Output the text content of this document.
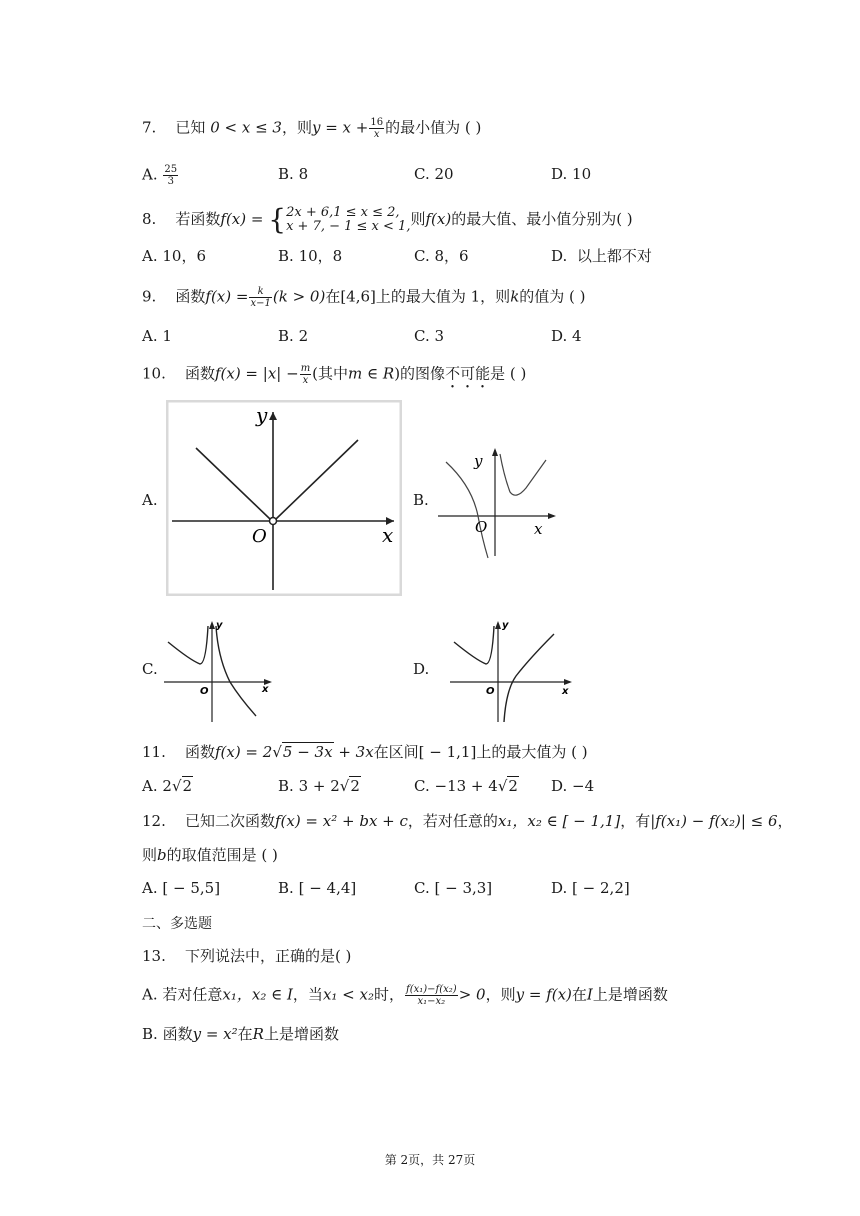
7. 已知 0 < x ≤ 3，则$y = x + \frac{16}{x}$ 的最小值为 ( )
A. $\frac{25}{3}$	B. 8	C. 20	D. 10
8. 若函数f(x) = { 2x + 6,1 ≤ x ≤ 2,
x + 7, − 1 ≤ x < 1, 则f(x)的最大值、最小值分别为( )
A. 10，6	B. 10，8	C. 8，6	D. 以上都不对
9. 函数$f(x) = \frac{k}{x-1} (k > 0)$在[4,6]上的最大值为 1，则k的值为 ( )
A. 1	B. 2	C. 3	D. 4
10. 函数$f(x) = |x| - \frac{m}{x}$ (其中m ∈ R)的图像不可能是 ( )
A.
y
O	x
B.
y
O	x
C.
y
O	x
D.
y
O	x
11. 函数f(x) = 2√5 − 3x + 3x在区间[ − 1,1]上的最大值为 ( )
A. 2√2	B. 3 + 2√2	C. −13 + 4√2 D. −4
12. 已知二次函数f(x) = x² + bx + c，若对任意的x₁，x₂ ∈ [ − 1,1]，有|f(x₁) − f(x₂)| ≤ 6，
则b的取值范围是 ( )
A. [ − 5,5]	B. [ − 4,4]	C. [ − 3,3]	D. [ − 2,2]
二、多选题
13. 下列说法中，正确的是( )
A. 若对任意x₁，x₂ ∈ I，当x₁ < x₂时， $\frac{\text{f(x₁)−f(x₂)}}{\text{x₁−x₂}} > 0$，则y = f(x)在I上是增函数
B. 函数y = x²在R上是增函数
第 2页，共 27页
